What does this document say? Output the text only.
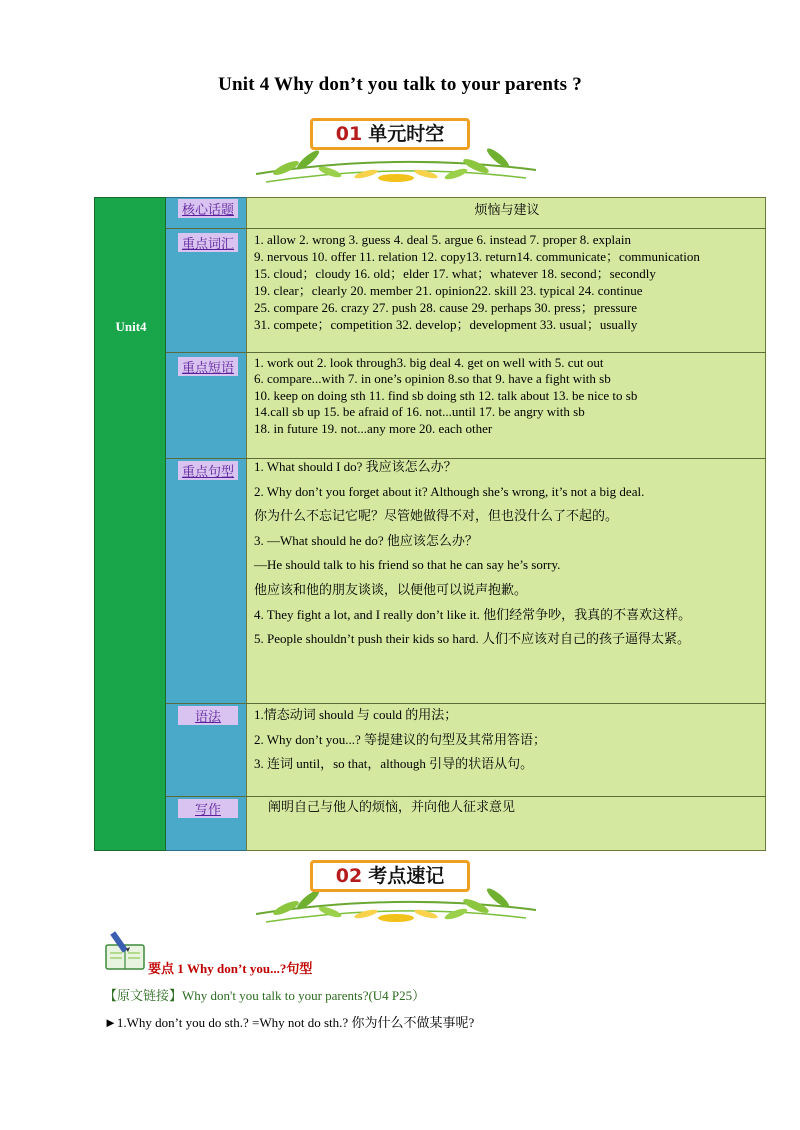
Unit 4 Why don’t you talk to your parents ?
01 单元时空
Unit4
核心话题	烦恼与建议

重点词汇	1. allow 2. wrong 3. guess 4. deal 5. argue 6. instead 7. proper 8. explain

9. nervous 10. offer 11. relation 12. copy13. return14. communicate；communication

15. cloud；cloudy 16. old；elder 17. what；whatever 18. second；secondly

19. clear；clearly 20. member 21. opinion22. skill 23. typical 24. continue

25. compare 26. crazy 27. push 28. cause 29. perhaps 30. press；pressure

31. compete；competition 32. develop；development 33. usual；usually

重点短语	1. work out 2. look through3. big deal 4. get on well with 5. cut out

6. compare...with 7. in one’s opinion 8.so that 9. have a fight with sb

10. keep on doing sth 11. find sb doing sth 12. talk about 13. be nice to sb

14.call sb up 15. be afraid of 16. not...until 17. be angry with sb

18. in future 19. not...any more 20. each other

重点句型	1. What should I do? 我应该怎么办？

2. Why don’t you forget about it? Although she’s wrong, it’s not a big deal.

你为什么不忘记它呢？尽管她做得不对，但也没什么了不起的。

3. —What should he do? 他应该怎么办？

—He should talk to his friend so that he can say he’s sorry.

他应该和他的朋友谈谈，以便他可以说声抱歉。

4. They fight a lot, and I really don’t like it. 他们经常争吵，我真的不喜欢这样。

5. People shouldn’t push their kids so hard. 人们不应该对自己的孩子逼得太紧。

语法	1.情态动词 should 与 could 的用法；

2. Why don’t you...? 等提建议的句型及其常用答语；

3. 连词 until，so that，although 引导的状语从句。

写作	阐明自己与他人的烦恼，并向他人征求意见

02 考点速记
要点 1 Why don’t you...?句型
【原文链接】Why don't you talk to your parents?(U4 P25）
►1.Why don’t you do sth.? =Why not do sth.? 你为什么不做某事呢?
